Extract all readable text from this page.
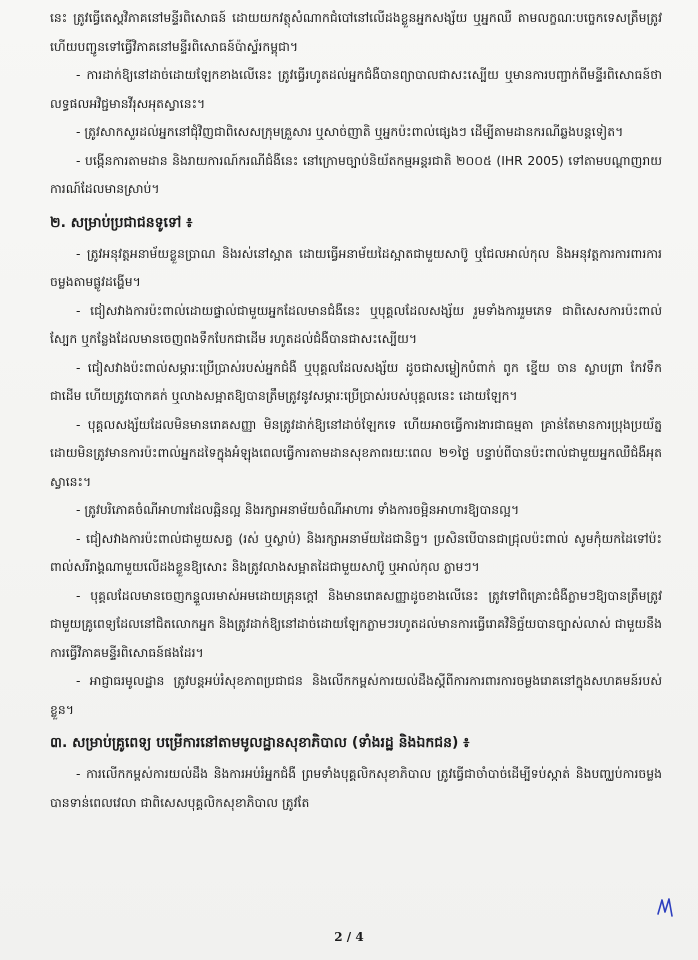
នេះ ត្រូវធ្វើតេស្តវិភាគនៅមន្ទីរពិសោធន៍ ដោយយកវត្ថុសំណាកជំបៅនៅលើដងខ្លួនអ្នកសង្ស័យ ឬអ្នកឈឺ តាមលក្ខណៈបច្ចេកទេសត្រឹមត្រូវ ហើយបញ្ជូនទៅធ្វើវិភាគនៅមន្ទីរពិសោធន៍ប៉ាស្ទ័រកម្ពុជា។

- ការដាក់ឱ្យនៅដាច់ដោយឡែកខាងលើនេះ ត្រូវធ្វើរហូតដល់អ្នកជំងឺបានព្យាបាលជាសះស្បើយ ឬមានការបញ្ជាក់ពីមន្ទីរពិសោធន៍ថាលទ្ធផលអវិជ្ជមានវីរុសអុតស្វានេះ។

- ត្រូវសាកសួរដល់អ្នកនៅជុំវិញជាពិសេសក្រុមគ្រួសារ ឬសាច់ញាតិ ឬអ្នកប៉ះពាល់ផ្សេងៗ ដើម្បីតាមដានករណីឆ្លងបន្តទៀត។

- បង្កើនការតាមដាន និងរាយការណ៍ករណីជំងឺនេះ នៅក្រោមច្បាប់និយ័តកម្មអន្តរជាតិ ២០០៥ (IHR 2005) ទៅតាមបណ្តាញរាយការណ៍ដែលមានស្រាប់។

២. សម្រាប់ប្រជាជនទូទៅ ៖

- ត្រូវអនុវត្តអនាម័យខ្លួនប្រាណ និងរស់នៅស្អាត ដោយធ្វើអនាម័យដៃស្អាតជាមួយសាប៊ូ ឬជែលអាល់កុល និងអនុវត្តការការពារការចម្លងតាមផ្លូវដង្ហើម។

- ជៀសវាងការប៉ះពាល់ដោយផ្ទាល់ជាមួយអ្នកដែលមានជំងឺនេះ ឬបុគ្គលដែលសង្ស័យ រួមទាំងការរួមភេទ ជាពិសេសការប៉ះពាល់ស្បែក ឬកន្លែងដែលមានចេញពងទឹកបែកជាដើម រហូតដល់ជំងឺបានជាសះស្បើយ។

- ជៀសវាងប៉ះពាល់សម្ភារៈប្រើប្រាស់របស់អ្នកជំងឺ ឬបុគ្គលដែលសង្ស័យ ដូចជាសម្លៀកបំពាក់ ពូក ខ្នើយ ចាន ស្លាបព្រា កែវទឹក ជាដើម ហើយត្រូវបោកគក់ ឬលាងសម្អាតឱ្យបានត្រឹមត្រូវនូវសម្ភារៈប្រើប្រាស់របស់បុគ្គលនេះ ដោយឡែក។

- បុគ្គលសង្ស័យដែលមិនមានរោគសញ្ញា មិនត្រូវដាក់ឱ្យនៅដាច់ឡែកទេ ហើយអាចធ្វើការងារជាធម្មតា គ្រាន់តែមានការប្រុងប្រយ័ត្ន ដោយមិនត្រូវមានការប៉ះពាល់អ្នកដទៃក្នុងអំឡុងពេលធ្វើការតាមដានសុខភាពរយៈពេល ២១ថ្ងៃ បន្ទាប់ពីបានប៉ះពាល់ជាមួយអ្នកឈឺជំងឺអុតស្វានេះ។

- ត្រូវបរិភោគចំណីអាហារដែលឆ្អិនល្អ និងរក្សាអនាម័យចំណីអាហារ ទាំងការចម្អិនអាហារឱ្យបានល្អ។

- ជៀសវាងការប៉ះពាល់ជាមួយសត្វ (រស់ ឬស្លាប់) និងរក្សាអនាម័យដៃជានិច្ច។ ប្រសិនបើបានជាជ្រុលប៉ះពាល់ សូមកុំយកដៃទៅប៉ះពាល់សរីរាង្គណាមួយលើដងខ្លួនឱ្យសោះ និងត្រូវលាងសម្អាតដៃជាមួយសាប៊ូ ឬអាល់កុល ភ្លាមៗ។

- បុគ្គលដែលមានចេញកន្ទួលរមាស់អមដោយគ្រុនក្តៅ និងមានរោគសញ្ញាដូចខាងលើនេះ ត្រូវទៅពិគ្រោះជំងឺភ្លាមៗឱ្យបានត្រឹមត្រូវ ជាមួយគ្រូពេទ្យដែលនៅជិតលោកអ្នក និងត្រូវដាក់ឱ្យនៅដាច់ដោយឡែកភ្លាមៗរហូតដល់មានការធ្វើរោគវិនិច្ឆ័យបានច្បាស់លាស់ ជាមួយនឹងការធ្វើវិភាគមន្ទីរពិសោធន៍ផងដែរ។

- អាជ្ញាធរមូលដ្ឋាន ត្រូវបន្តអប់រំសុខភាពប្រជាជន និងលើកកម្ពស់ការយល់ដឹងស្តីពីការការពារការចម្លងរោគនៅក្នុងសហគមន៍របស់ខ្លួន។

៣. សម្រាប់គ្រូពេទ្យ បម្រើការនៅតាមមូលដ្ឋានសុខាភិបាល (ទាំងរដ្ឋ និងឯកជន) ៖

- ការលើកកម្ពស់ការយល់ដឹង និងការអប់រំអ្នកជំងឺ ព្រមទាំងបុគ្គលិកសុខាភិបាល ត្រូវធ្វើជាចាំបាច់ដើម្បីទប់ស្កាត់ និងបញ្ឈប់ការចម្លងបានទាន់ពេលវេលា ជាពិសេសបុគ្គលិកសុខាភិបាល ត្រូវតែ

2 / 4
